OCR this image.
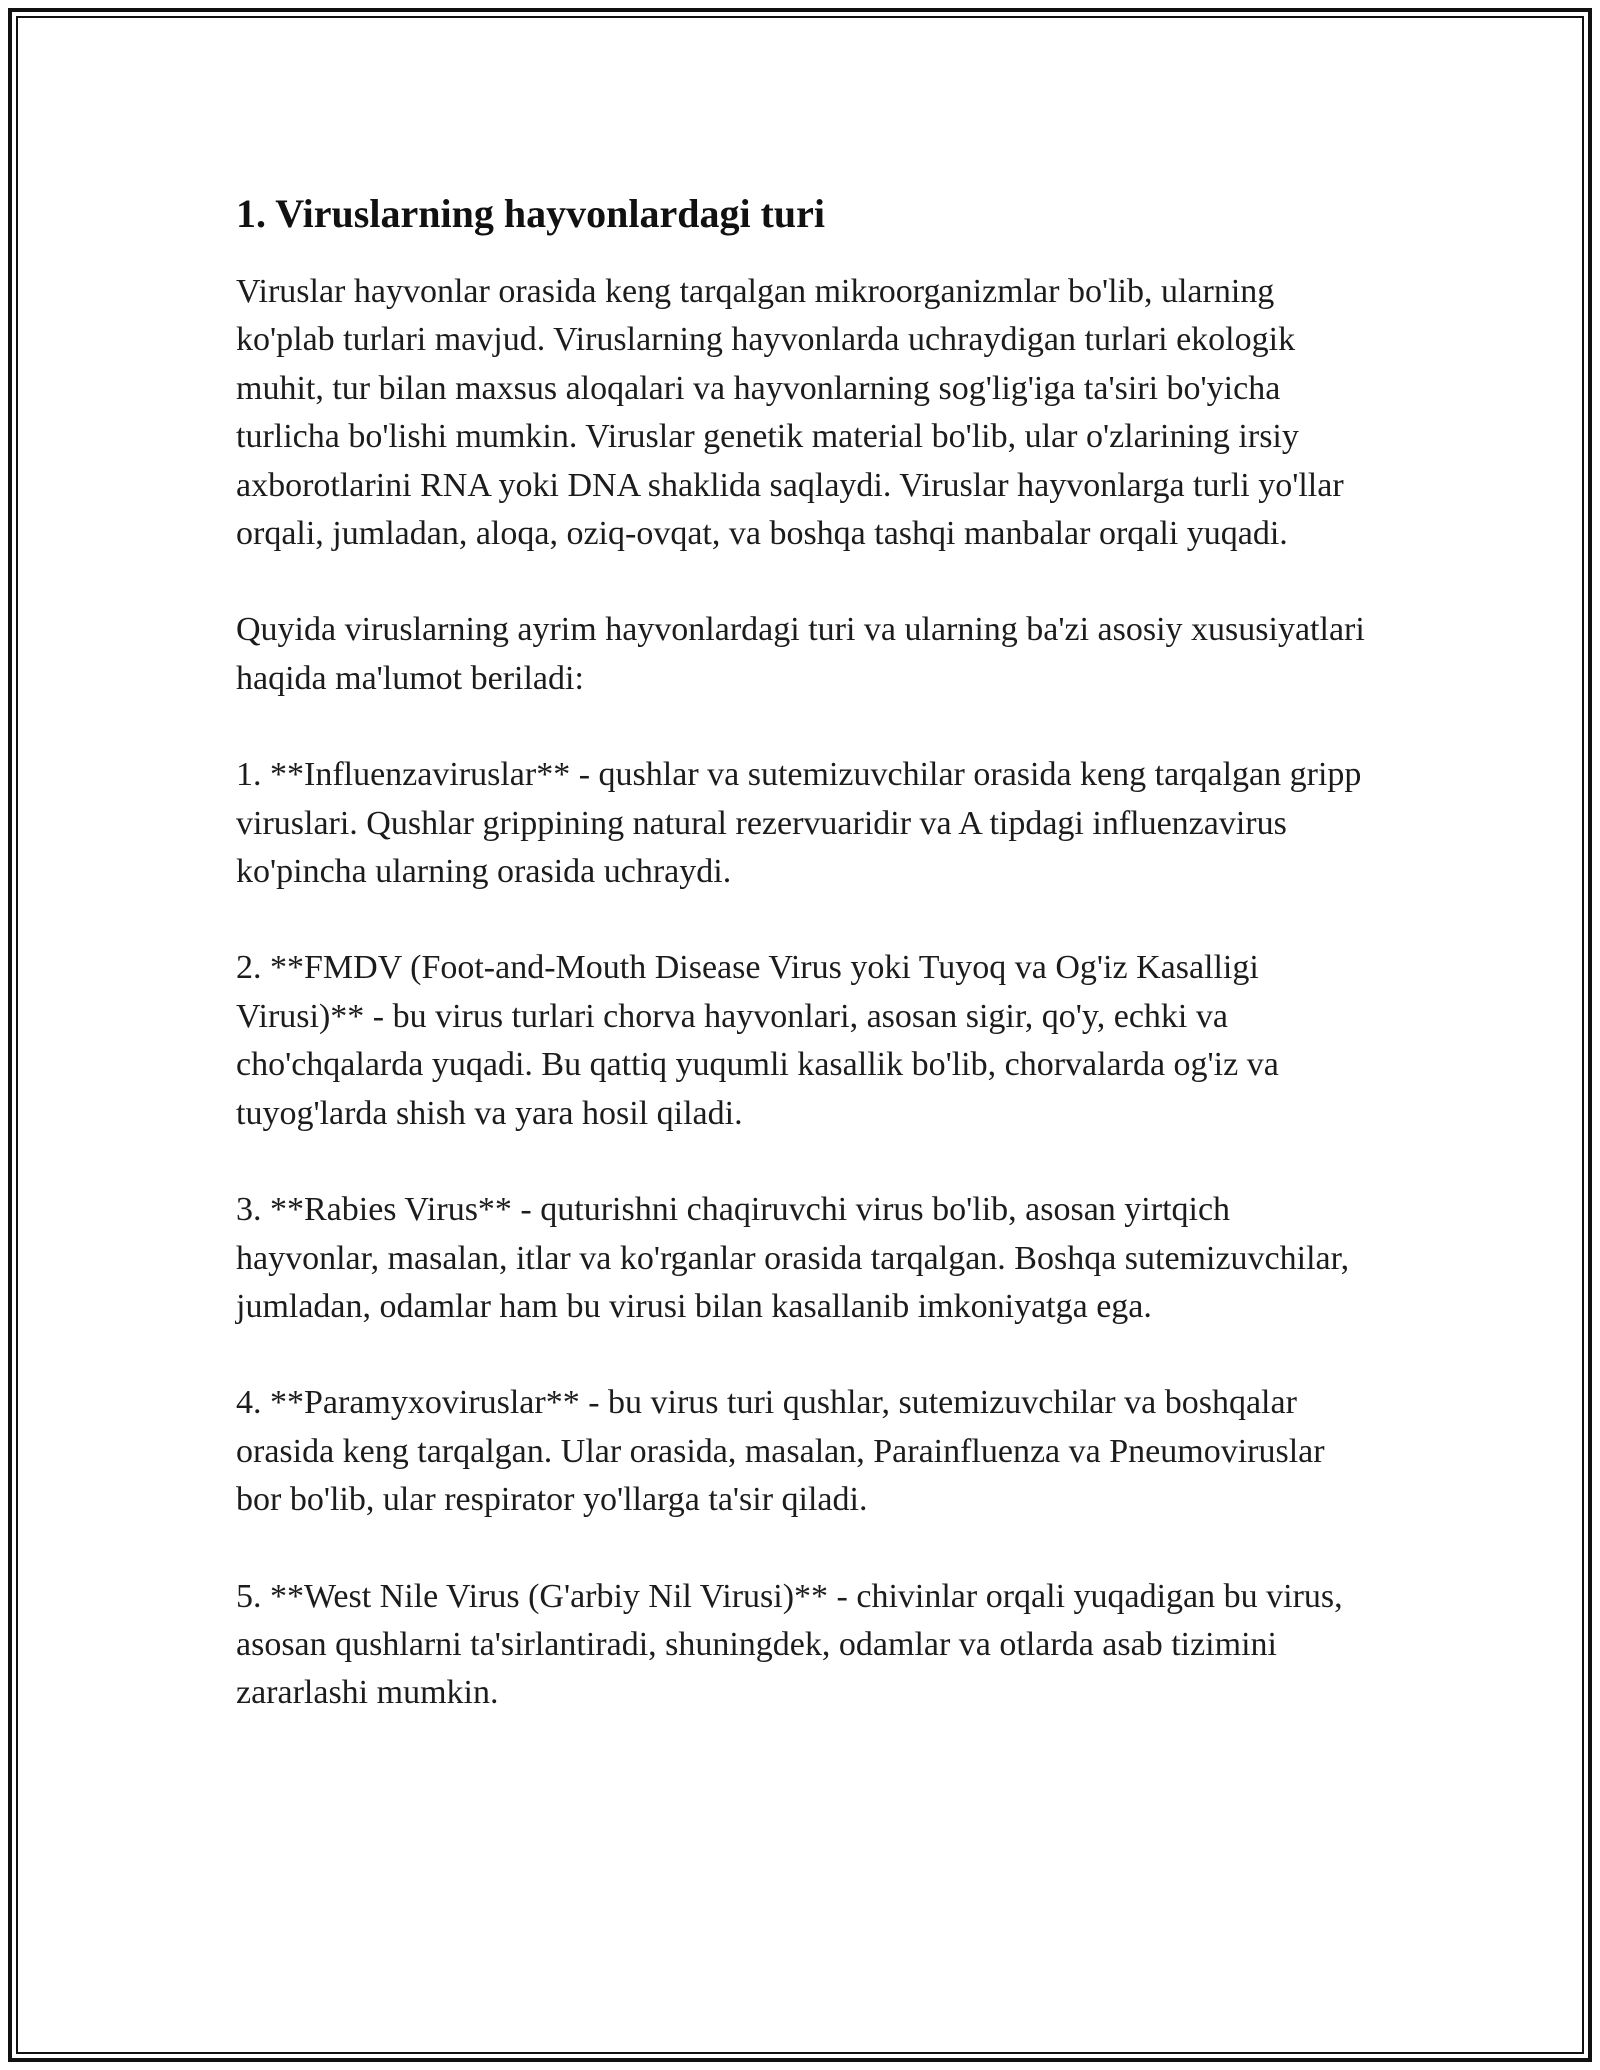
1. Viruslarning hayvonlardagi turi

Viruslar hayvonlar orasida keng tarqalgan mikroorganizmlar bo'lib, ularning ko'plab turlari mavjud. Viruslarning hayvonlarda uchraydigan turlari ekologik muhit, tur bilan maxsus aloqalari va hayvonlarning sog'lig'iga ta'siri bo'yicha turlicha bo'lishi mumkin. Viruslar genetik material bo'lib, ular o'zlarining irsiy axborotlarini RNA yoki DNA shaklida saqlaydi. Viruslar hayvonlarga turli yo'llar orqali, jumladan, aloqa, oziq-ovqat, va boshqa tashqi manbalar orqali yuqadi.

Quyida viruslarning ayrim hayvonlardagi turi va ularning ba'zi asosiy xususiyatlari haqida ma'lumot beriladi:

1. **Influenzaviruslar** - qushlar va sutemizuvchilar orasida keng tarqalgan gripp viruslari. Qushlar grippining natural rezervuaridir va A tipdagi influenzavirus ko'pincha ularning orasida uchraydi.

2. **FMDV (Foot-and-Mouth Disease Virus yoki Tuyoq va Og'iz Kasalligi Virusi)** - bu virus turlari chorva hayvonlari, asosan sigir, qo'y, echki va cho'chqalarda yuqadi. Bu qattiq yuqumli kasallik bo'lib, chorvalarda og'iz va tuyog'larda shish va yara hosil qiladi.

3. **Rabies Virus** - quturishni chaqiruvchi virus bo'lib, asosan yirtqich hayvonlar, masalan, itlar va ko'rganlar orasida tarqalgan. Boshqa sutemizuvchilar, jumladan, odamlar ham bu virusi bilan kasallanib imkoniyatga ega.

4. **Paramyxoviruslar** - bu virus turi qushlar, sutemizuvchilar va boshqalar orasida keng tarqalgan. Ular orasida, masalan, Parainfluenza va Pneumoviruslar bor bo'lib, ular respirator yo'llarga ta'sir qiladi.

5. **West Nile Virus (G'arbiy Nil Virusi)** - chivinlar orqali yuqadigan bu virus, asosan qushlarni ta'sirlantiradi, shuningdek, odamlar va otlarda asab tizimini zararlashi mumkin.
